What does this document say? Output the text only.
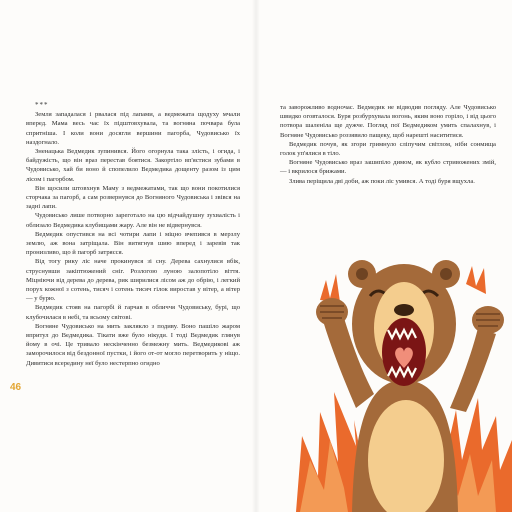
***

Земля западалася і рвалася під лапами, а ведмежата щодуху мчали вперед. Мама весь час їх підштовхувала, та вогняна почвара була спритніша. І коли вони досягли вершини пагорба, Чудовисько їх наздогнало.

Зненацька Ведмедик зупинився. Його огорнула така злість, і огида, і байдужість, що він враз перестав боятися. Закортіло вп'ястися зубами в Чудовисько, хай би воно й спопелило Ведмедика дощенту разом із цим лісом і пагорбом.

Він щосили штовхнув Маму з ведмежатами, так що вони покотилися сторчака за пагорб, а сам розвернувся до Вогняного Чудовиська і звівся на задні лапи.

Чудовисько лише потворно зареготало на цю відчайдушну зухвалість і облизало Ведмедика клубищами жару. Але він не відвернувся.

Ведмедик опустився на всі чотири лапи і міцно вчепився в мерзлу землю, аж вона затріщала. Він витягнув шию вперед і заревів так пронизливо, що й пагорб затрясся.

Від тогу рику ліс наче прокинувся зі сну. Дерева сахнулися вбік, струснувши закіптюжений сніг. Розлогою луною залопотіло віття. Міцніючи від дерева до дерева, рик ширилися лісом аж до обрію, і легкий порух кожної з сотень, тисяч і сотень тисяч гілок виростав у вітер, а вітер — у бурю.

Ведмедик стояв на пагорбі й гарчав в обличчя Чудовиську, бурі, що клубочилася в небі, та всьому світові.

Вогняне Чудовисько на мить заклякло з подиву. Воно пашіло жаром впритул до Ведмедика. Тікати вже було нікуди. І тоді Ведмедик глянув йому в очі. Це тривало нескінченно безмежну мить. Ведмедикові аж заморочилося від бездонної пустки, і його от-от могло перетворить у ніщо. Дивитися всередину неї було нестерпно огидно

46

та заворожливо водночас. Ведмедик не відводив погляду. Але Чудовисько швидко оговталося. Буря розбурхувала вогонь, яким воно горіло, і від цього потвора шаленіла ще дужче. Погляд пої Ведмедиком умить спалахнув, і Вогняне Чудовисько роззявило пащеку, щоб нарешті насититися.

Ведмедик почув, як згори гримнуло сліпучим світлом, ніби сонмища голок уп'ялися в тіло.

Вогняне Чудовисько враз зашипіло димом, як кубло стривожених змій, — і вкрилося брижами.

Злива періщила дві доби, аж поки ліс умився. А тоді буря вщухла.
